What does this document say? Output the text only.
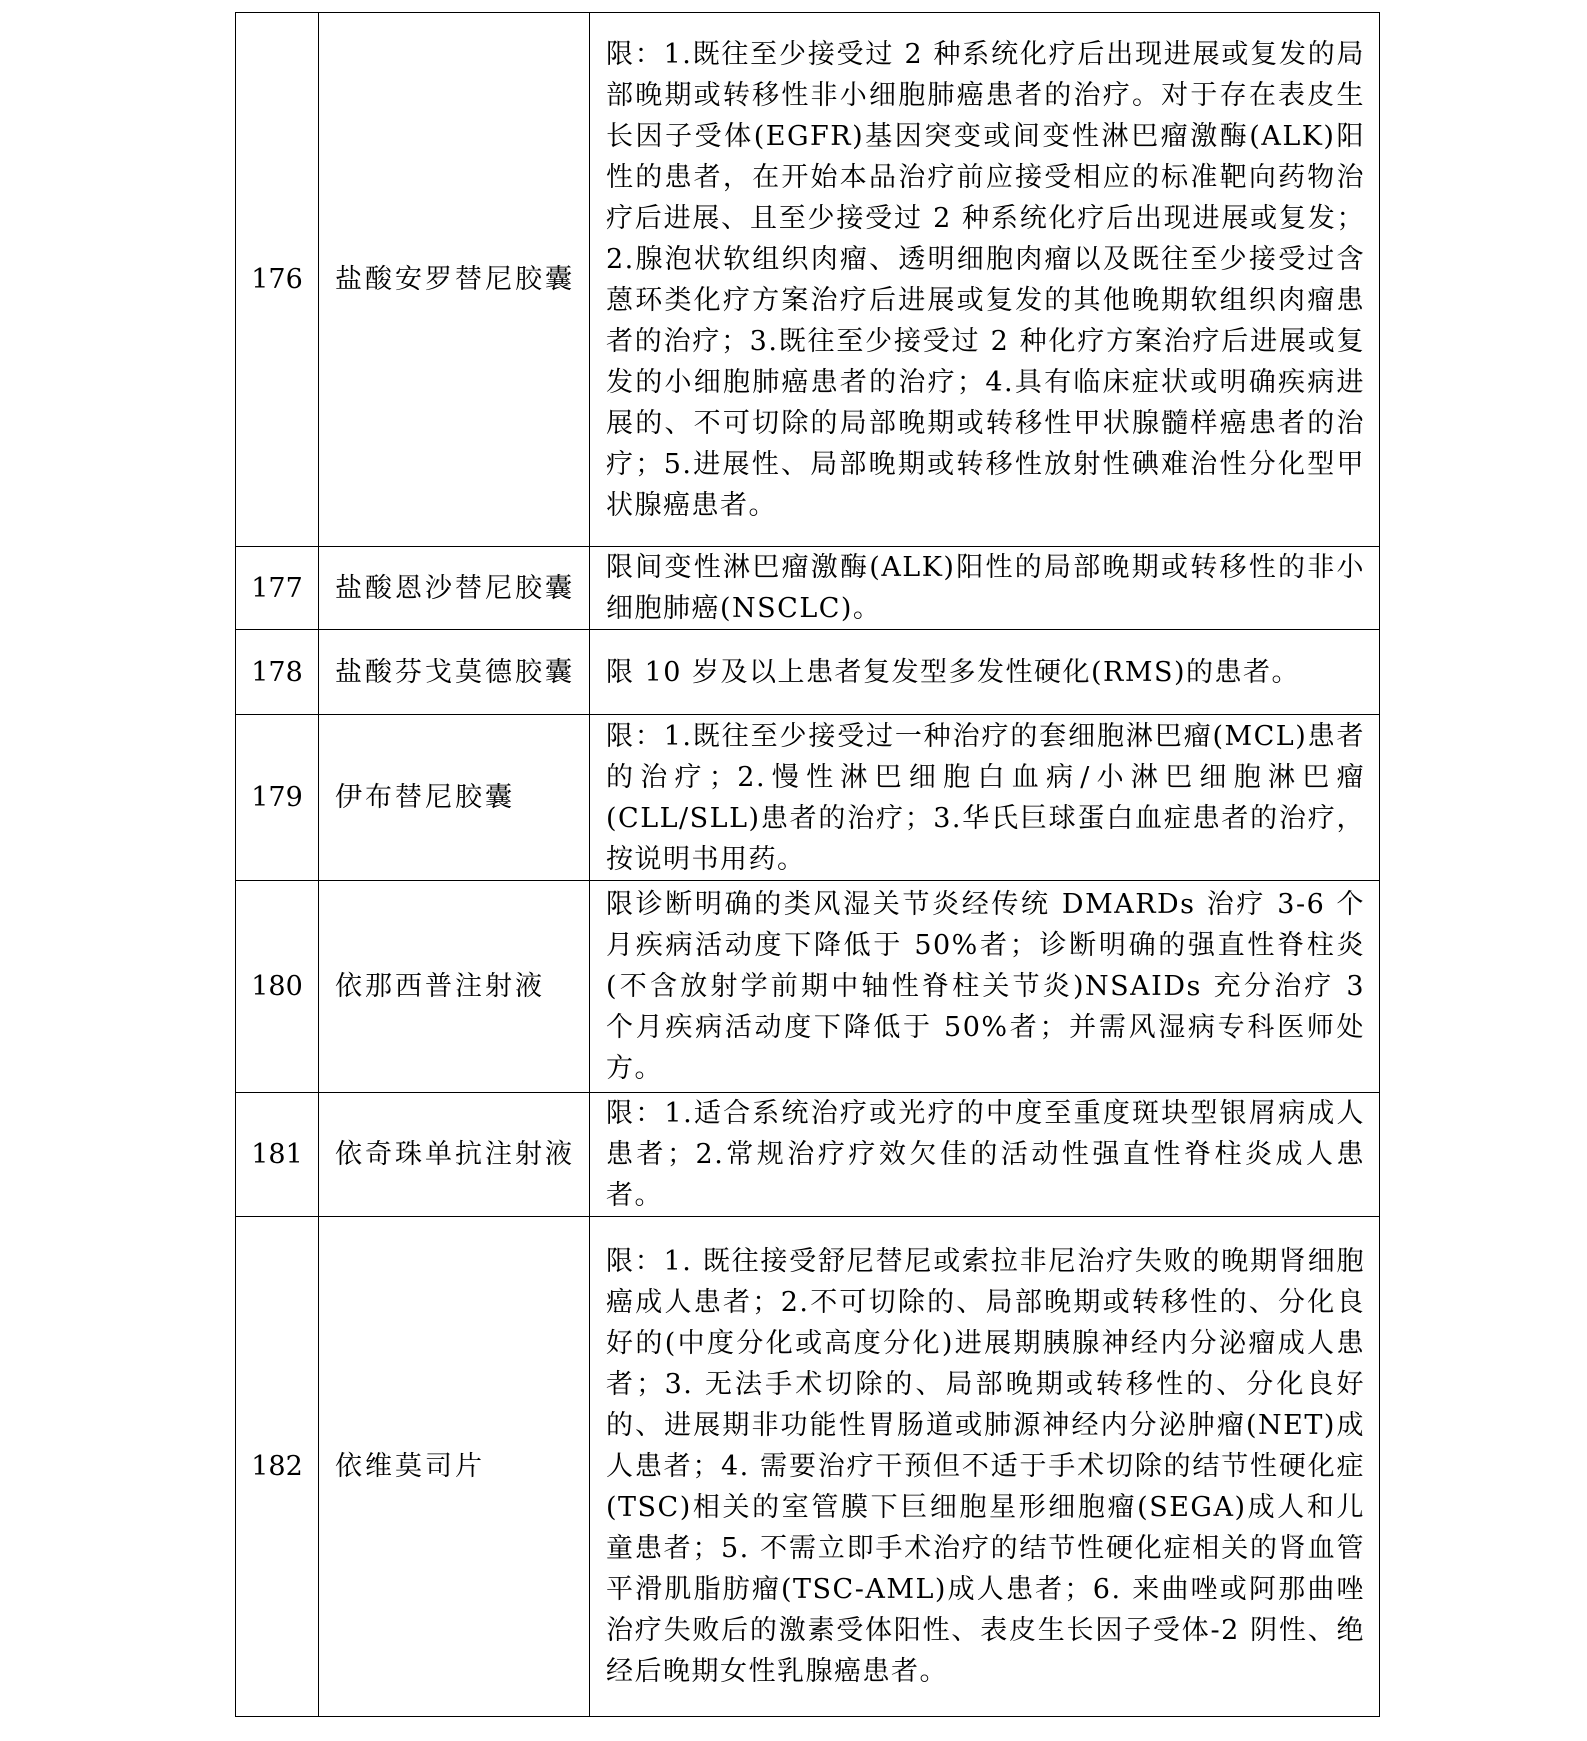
176	盐酸安罗替尼胶囊	限：1.既往至少接受过 2 种系统化疗后出现进展或复发的局部晚期或转移性非小细胞肺癌患者的治疗。对于存在表皮生长因子受体(EGFR)基因突变或间变性淋巴瘤激酶(ALK)阳性的患者，在开始本品治疗前应接受相应的标准靶向药物治疗后进展、且至少接受过 2 种系统化疗后出现进展或复发；2.腺泡状软组织肉瘤、透明细胞肉瘤以及既往至少接受过含蒽环类化疗方案治疗后进展或复发的其他晚期软组织肉瘤患者的治疗；3.既往至少接受过 2 种化疗方案治疗后进展或复发的小细胞肺癌患者的治疗；4.具有临床症状或明确疾病进展的、不可切除的局部晚期或转移性甲状腺髓样癌患者的治疗；5.进展性、局部晚期或转移性放射性碘难治性分化型甲状腺癌患者。
177	盐酸恩沙替尼胶囊	限间变性淋巴瘤激酶(ALK)阳性的局部晚期或转移性的非小细胞肺癌(NSCLC)。
178	盐酸芬戈莫德胶囊	限 10 岁及以上患者复发型多发性硬化(RMS)的患者。
179	伊布替尼胶囊	限：1.既往至少接受过一种治疗的套细胞淋巴瘤(MCL)患者的治疗；2.慢性淋巴细胞白血病/小淋巴细胞淋巴瘤(CLL/SLL)患者的治疗；3.华氏巨球蛋白血症患者的治疗，按说明书用药。
180	依那西普注射液	限诊断明确的类风湿关节炎经传统 DMARDs 治疗 3-6 个月疾病活动度下降低于 50%者；诊断明确的强直性脊柱炎(不含放射学前期中轴性脊柱关节炎)NSAIDs 充分治疗 3 个月疾病活动度下降低于 50%者；并需风湿病专科医师处方。
181	依奇珠单抗注射液	限：1.适合系统治疗或光疗的中度至重度斑块型银屑病成人患者；2.常规治疗疗效欠佳的活动性强直性脊柱炎成人患者。
182	依维莫司片	限：1. 既往接受舒尼替尼或索拉非尼治疗失败的晚期肾细胞癌成人患者；2.不可切除的、局部晚期或转移性的、分化良好的(中度分化或高度分化)进展期胰腺神经内分泌瘤成人患者；3. 无法手术切除的、局部晚期或转移性的、分化良好的、进展期非功能性胃肠道或肺源神经内分泌肿瘤(NET)成人患者；4. 需要治疗干预但不适于手术切除的结节性硬化症(TSC)相关的室管膜下巨细胞星形细胞瘤(SEGA)成人和儿童患者；5. 不需立即手术治疗的结节性硬化症相关的肾血管平滑肌脂肪瘤(TSC-AML)成人患者；6. 来曲唑或阿那曲唑治疗失败后的激素受体阳性、表皮生长因子受体-2 阴性、绝经后晚期女性乳腺癌患者。
